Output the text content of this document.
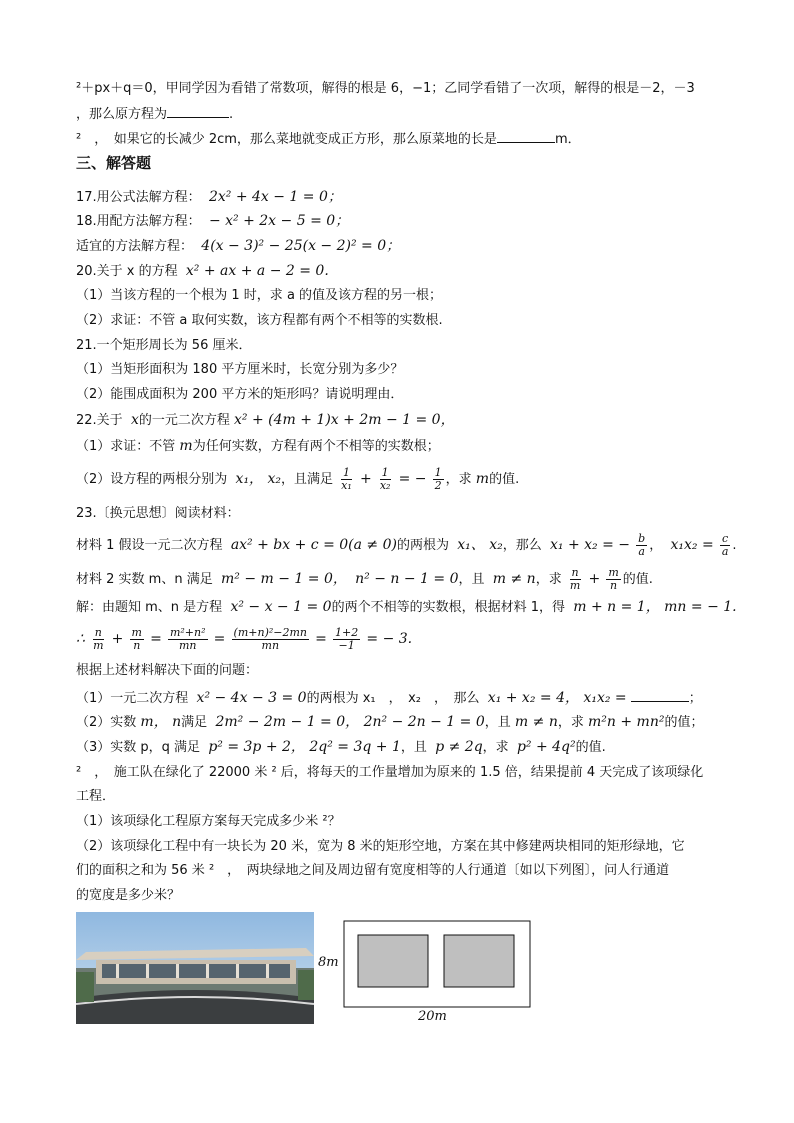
²＋px＋q＝0，甲同学因为看错了常数项，解得的根是 6，−1；乙同学看错了一次项，解得的根是－2，－3
，那么原方程为	.
²　，　如果它的长减少 2cm，那么菜地就变成正方形，那么原菜地的长是	m．
三、解答题
17.用公式法解方程： 2x² + 4x − 1 = 0；
18.用配方法解方程： − x² + 2x − 5 = 0；
适宜的方法解方程： 4(x − 3)² − 25(x − 2)² = 0；
20.关于 x 的方程 x² + ax + a − 2 = 0.
（1）当该方程的一个根为 1 时，求 a 的值及该方程的另一根；
（2）求证：不管 a 取何实数，该方程都有两个不相等的实数根.
21.一个矩形周长为 56 厘米．
（1）当矩形面积为 180 平方厘米时，长宽分别为多少？
（2）能围成面积为 200 平方米的矩形吗？请说明理由．
22.关于 x的一元二次方程 x² + (4m + 1)x + 2m − 1 = 0，
（1）求证：不管 m为任何实数，方程有两个不相等的实数根；
（2）设方程的两根分别为 x₁， x₂，且满足 $\frac{1}{\text{x₁}} + \frac{1}{\text{x₂}}$ = − $\frac{1}{2}$ ，求 m的值.
23.〔换元思想〕阅读材料：
材料 1 假设一元二次方程 ax² + bx + c = 0(a ≠ 0)的两根为 x₁、 x₂，那么 x₁ + x₂ = − $\frac{b}{a}$ ， $x_1x_2 = \frac{c}{a}$ .
材料 2 实数 m、n 满足 m² − m − 1 = 0， n² − n − 1 = 0，且 m ≠ n，求 $\frac{n}{m} + \frac{m}{n}$ 的值.
解：由题知 m、n 是方程 x² − x − 1 = 0的两个不相等的实数根，根据材料 1，得 m + n = 1， mn = − 1.
∴ $\frac{n}{m} + \frac{m}{n} = \frac{\text{m²+n²}}{mn} = \frac{\text{(m+n)²−2mn}}{mn} = \frac{1+2}{-1}$ = − 3.
根据上述材料解决下面的问题：
（1）一元二次方程 x² − 4x − 3 = 0的两根为 x₁　，　x₂　，　那么 x₁ + x₂ = 4， x₁x₂ =	；
（2）实数 m， n满足 2m² − 2m − 1 = 0， 2n² − 2n − 1 = 0，且 m ≠ n，求 m²n + mn²的值；
（3）实数 p，q 满足 p² = 3p + 2， 2q² = 3q + 1，且 p ≠ 2q，求 p² + 4q²的值.
²　，　施工队在绿化了 22000 米 ² 后，将每天的工作量增加为原来的 1.5 倍，结果提前 4 天完成了该项绿化
工程．
（1）该项绿化工程原方案每天完成多少米 ²？
（2）该项绿化工程中有一块长为 20 米，宽为 8 米的矩形空地，方案在其中修建两块相同的矩形绿地，它
们的面积之和为 56 米 ²　，　两块绿地之间及周边留有宽度相等的人行通道〔如以下列图〕，问人行通道
的宽度是多少米？
8m
20m
